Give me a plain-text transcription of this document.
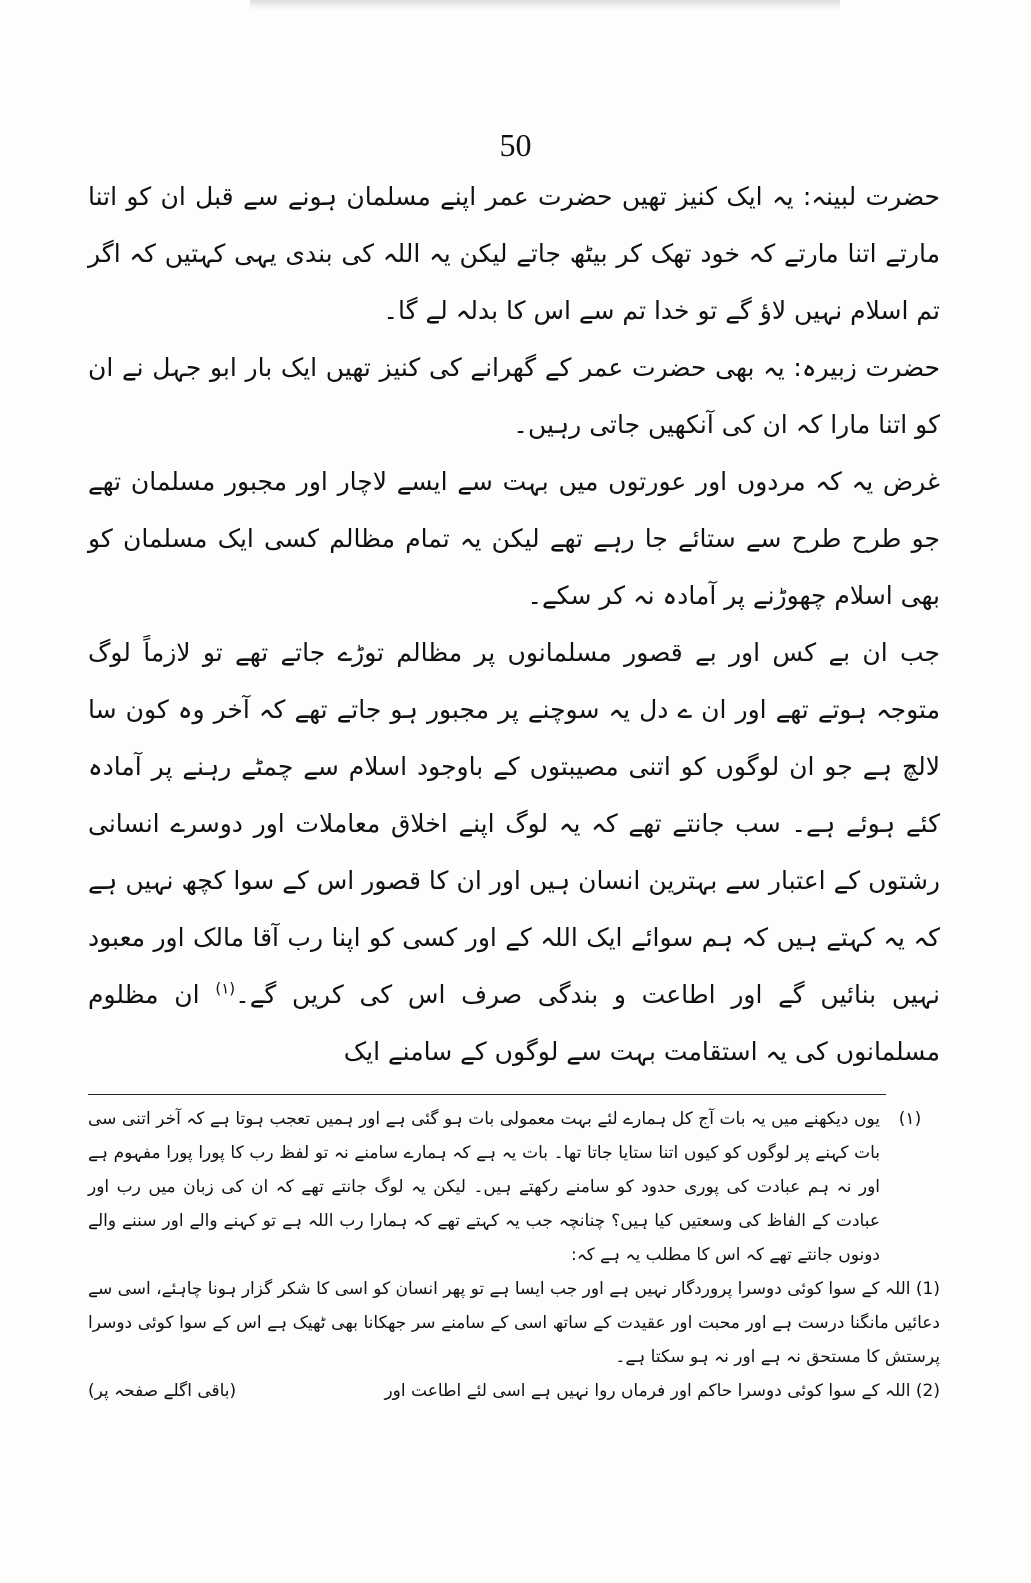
50

حضرت لبینہ: یہ ایک کنیز تھیں حضرت عمر اپنے مسلمان ہونے سے قبل ان کو اتنا مارتے اتنا مارتے کہ خود تھک کر بیٹھ جاتے لیکن یہ اللہ کی بندی یہی کہتیں کہ اگر تم اسلام نہیں لاؤ گے تو خدا تم سے اس کا بدلہ لے گا۔

حضرت زبیرہ: یہ بھی حضرت عمر کے گھرانے کی کنیز تھیں ایک بار ابو جہل نے ان کو اتنا مارا کہ ان کی آنکھیں جاتی رہیں۔

غرض یہ کہ مردوں اور عورتوں میں بہت سے ایسے لاچار اور مجبور مسلمان تھے جو طرح طرح سے ستائے جا رہے تھے لیکن یہ تمام مظالم کسی ایک مسلمان کو بھی اسلام چھوڑنے پر آمادہ نہ کر سکے۔

جب ان بے کس اور بے قصور مسلمانوں پر مظالم توڑے جاتے تھے تو لازماً لوگ متوجہ ہوتے تھے اور ان ے دل یہ سوچنے پر مجبور ہو جاتے تھے کہ آخر وہ کون سا لالچ ہے جو ان لوگوں کو اتنی مصیبتوں کے باوجود اسلام سے چمٹے رہنے پر آمادہ کئے ہوئے ہے۔ سب جانتے تھے کہ یہ لوگ اپنے اخلاق معاملات اور دوسرے انسانی رشتوں کے اعتبار سے بہترین انسان ہیں اور ان کا قصور اس کے سوا کچھ نہیں ہے کہ یہ کہتے ہیں کہ ہم سوائے ایک اللہ کے اور کسی کو اپنا رب آقا مالک اور معبود نہیں بنائیں گے اور اطاعت و بندگی صرف اس کی کریں گے۔$^{(۱)}$ ان مظلوم مسلمانوں کی یہ استقامت بہت سے لوگوں کے سامنے ایک

(۱)
یوں دیکھنے میں یہ بات آج کل ہمارے لئے بہت معمولی بات ہو گئی ہے اور ہمیں تعجب ہوتا ہے کہ آخر اتنی سی بات کہنے پر لوگوں کو کیوں اتنا ستایا جاتا تھا۔ بات یہ ہے کہ ہمارے سامنے نہ تو لفظ رب کا پورا پورا مفہوم ہے اور نہ ہم عبادت کی پوری حدود کو سامنے رکھتے ہیں۔ لیکن یہ لوگ جانتے تھے کہ ان کی زبان میں رب اور عبادت کے الفاظ کی وسعتیں کیا ہیں؟ چنانچہ جب یہ کہتے تھے کہ ہمارا رب اللہ ہے تو کہنے والے اور سننے والے دونوں جانتے تھے کہ اس کا مطلب یہ ہے کہ:

(1) اللہ کے سوا کوئی دوسرا پروردگار نہیں ہے اور جب ایسا ہے تو پھر انسان کو اسی کا شکر گزار ہونا چاہئے، اسی سے دعائیں مانگنا درست ہے اور محبت اور عقیدت کے ساتھ اسی کے سامنے سر جھکانا بھی ٹھیک ہے اس کے سوا کوئی دوسرا پرستش کا مستحق نہ ہے اور نہ ہو سکتا ہے۔

(2) اللہ کے سوا کوئی دوسرا حاکم اور فرماں روا نہیں ہے اسی لئے اطاعت اور
(باقی اگلے صفحہ پر)
